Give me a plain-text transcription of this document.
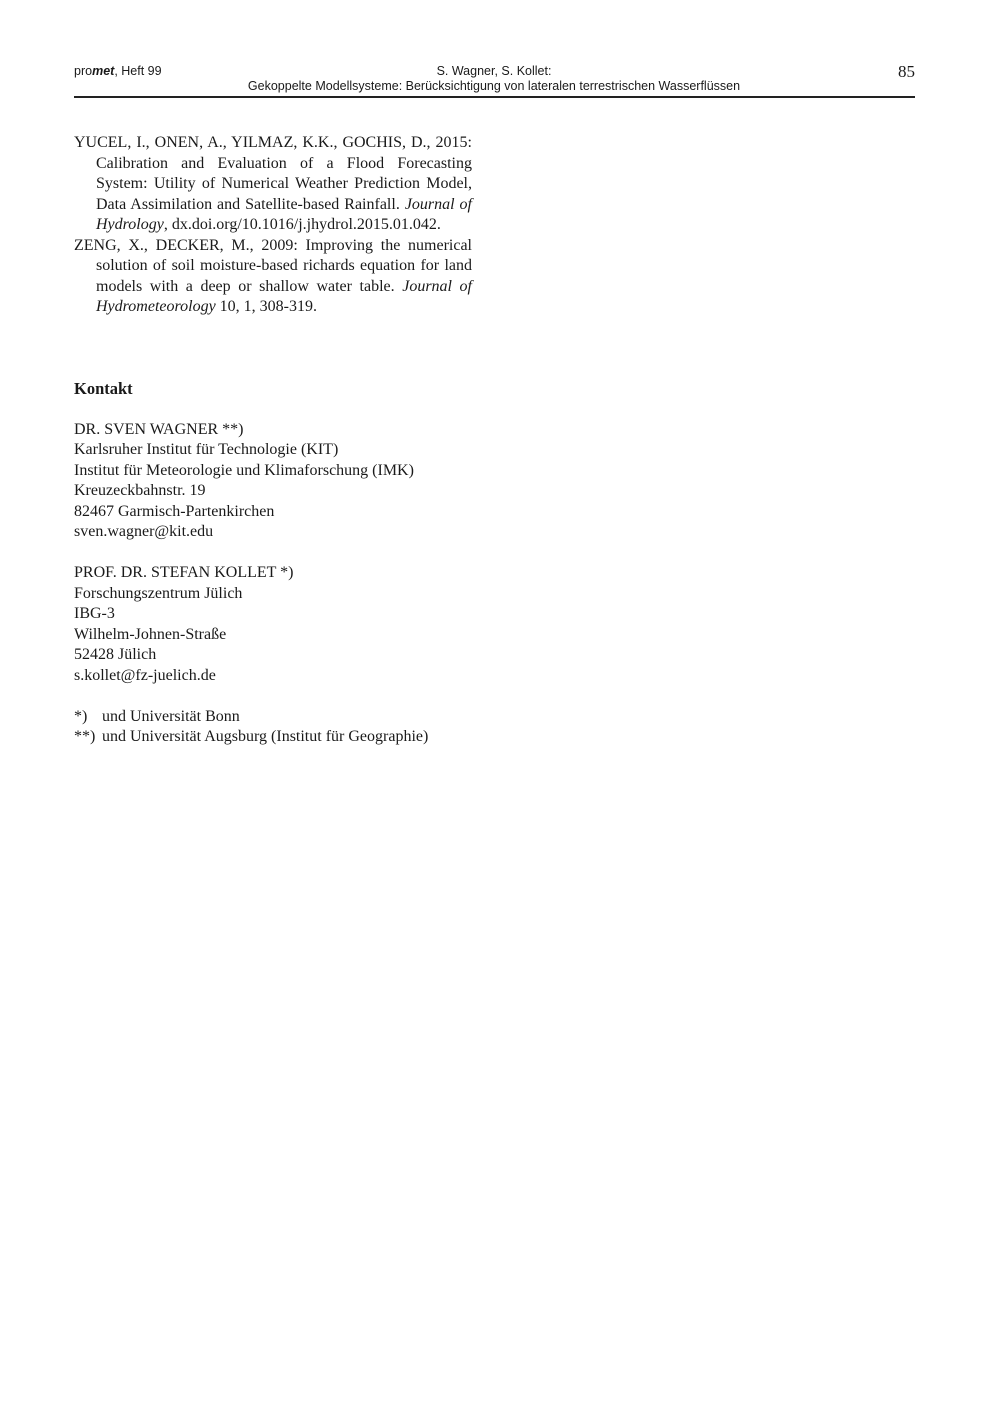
promet, Heft 99	S. Wagner, S. Kollet:
Gekoppelte Modellsysteme: Berücksichtigung von lateralen terrestrischen Wasserflüssen
85
YUCEL, I., ONEN, A., YILMAZ, K.K., GOCHIS, D., 2015: Calibration and Evaluation of a Flood Forecasting System: Utility of Numerical Weather Prediction Model, Data Assimilation and Satellite-based Rainfall. Journal of Hydrology, dx.doi.org/10.1016/j.jhydrol.2015.01.042.
ZENG, X., DECKER, M., 2009: Improving the numerical solution of soil moisture-based richards equation for land models with a deep or shallow water table. Journal of Hydrometeorology 10, 1, 308-319.
Kontakt
DR. SVEN WAGNER **)
Karlsruher Institut für Technologie (KIT)
Institut für Meteorologie und Klimaforschung (IMK)
Kreuzeckbahnstr. 19
82467 Garmisch-Partenkirchen
sven.wagner@kit.edu
PROF. DR. STEFAN KOLLET *)
Forschungszentrum Jülich
IBG-3
Wilhelm-Johnen-Straße
52428 Jülich
s.kollet@fz-juelich.de
*) und Universität Bonn
**) und Universität Augsburg (Institut für Geographie)
